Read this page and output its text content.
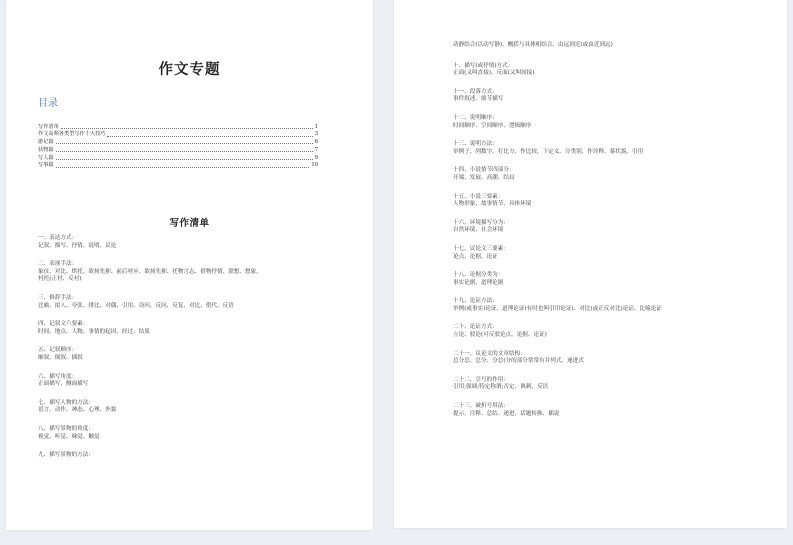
作文专题
目录
写作清单	1
作文高频各类型写作十大技巧	3
游记篇	6
状物篇	7
写人篇	9
写事篇	10
写作清单
一、表达方式：
记叙、描写、抒情、说明、议论
二、表现手法：
象征、对比、烘托、欲扬先抑、前后呼应、欲扬先抑、托物言志、借物抒情、联想、想象、
衬托(正衬、反衬)
三、修辞手法：
比喻、拟人、夸张、排比、对偶、引用、设问、反问、反复、对比、借代、反语
四、记叙文六要素：
时间、地点、人物、事情的起因、经过、结果
五、记叙顺序：
顺叙、倒叙、插叙
六、描写角度：
正面描写、侧面描写
七、描写人物的方法：
语言、动作、神态、心理、外貌
八、描写景物的角度：
视觉、听觉、味觉、触觉
九、描写景物的方法：
动静结合(以动写静)、概括与具体相结合、由远到近(或由近到远)
十、描写(或抒情)方式：
正面(又叫直接)、反面(又叫间接)
十一、段落方式：
事件叙述、细节描写
十二、说明顺序：
时间顺序、空间顺序、逻辑顺序
十三、说明方法：
举例子、列数字、打比方、作比较、下定义、分类别、作诠释、摹状貌、引用
十四、小说情节四部分：
开端、发展、高潮、结局
十五、小说三要素：
人物形象、故事情节、具体环境
十六、环境描写分为：
自然环境、社会环境
十七、议论文三要素：
论点、论据、论证
十八、论据分类为：
事实论据、道理论据
十九、论证方法：
举例(或事实)论证、道理论证(有时也叫引用论证)、对比(或正反对比)论证、比喻论证
二十、论证方式：
立论、驳论(可反驳论点、论据、论证)
二十一、议论文的文章结构：
总分总、总分、分总(分的部分常常有并列式、递进式
二十二、引号的作用：
引用;强调;特定称谓;否定、讽刺、反语
二十三、破折号用法：
提示、注释、总结、递进、话题转换、插说
